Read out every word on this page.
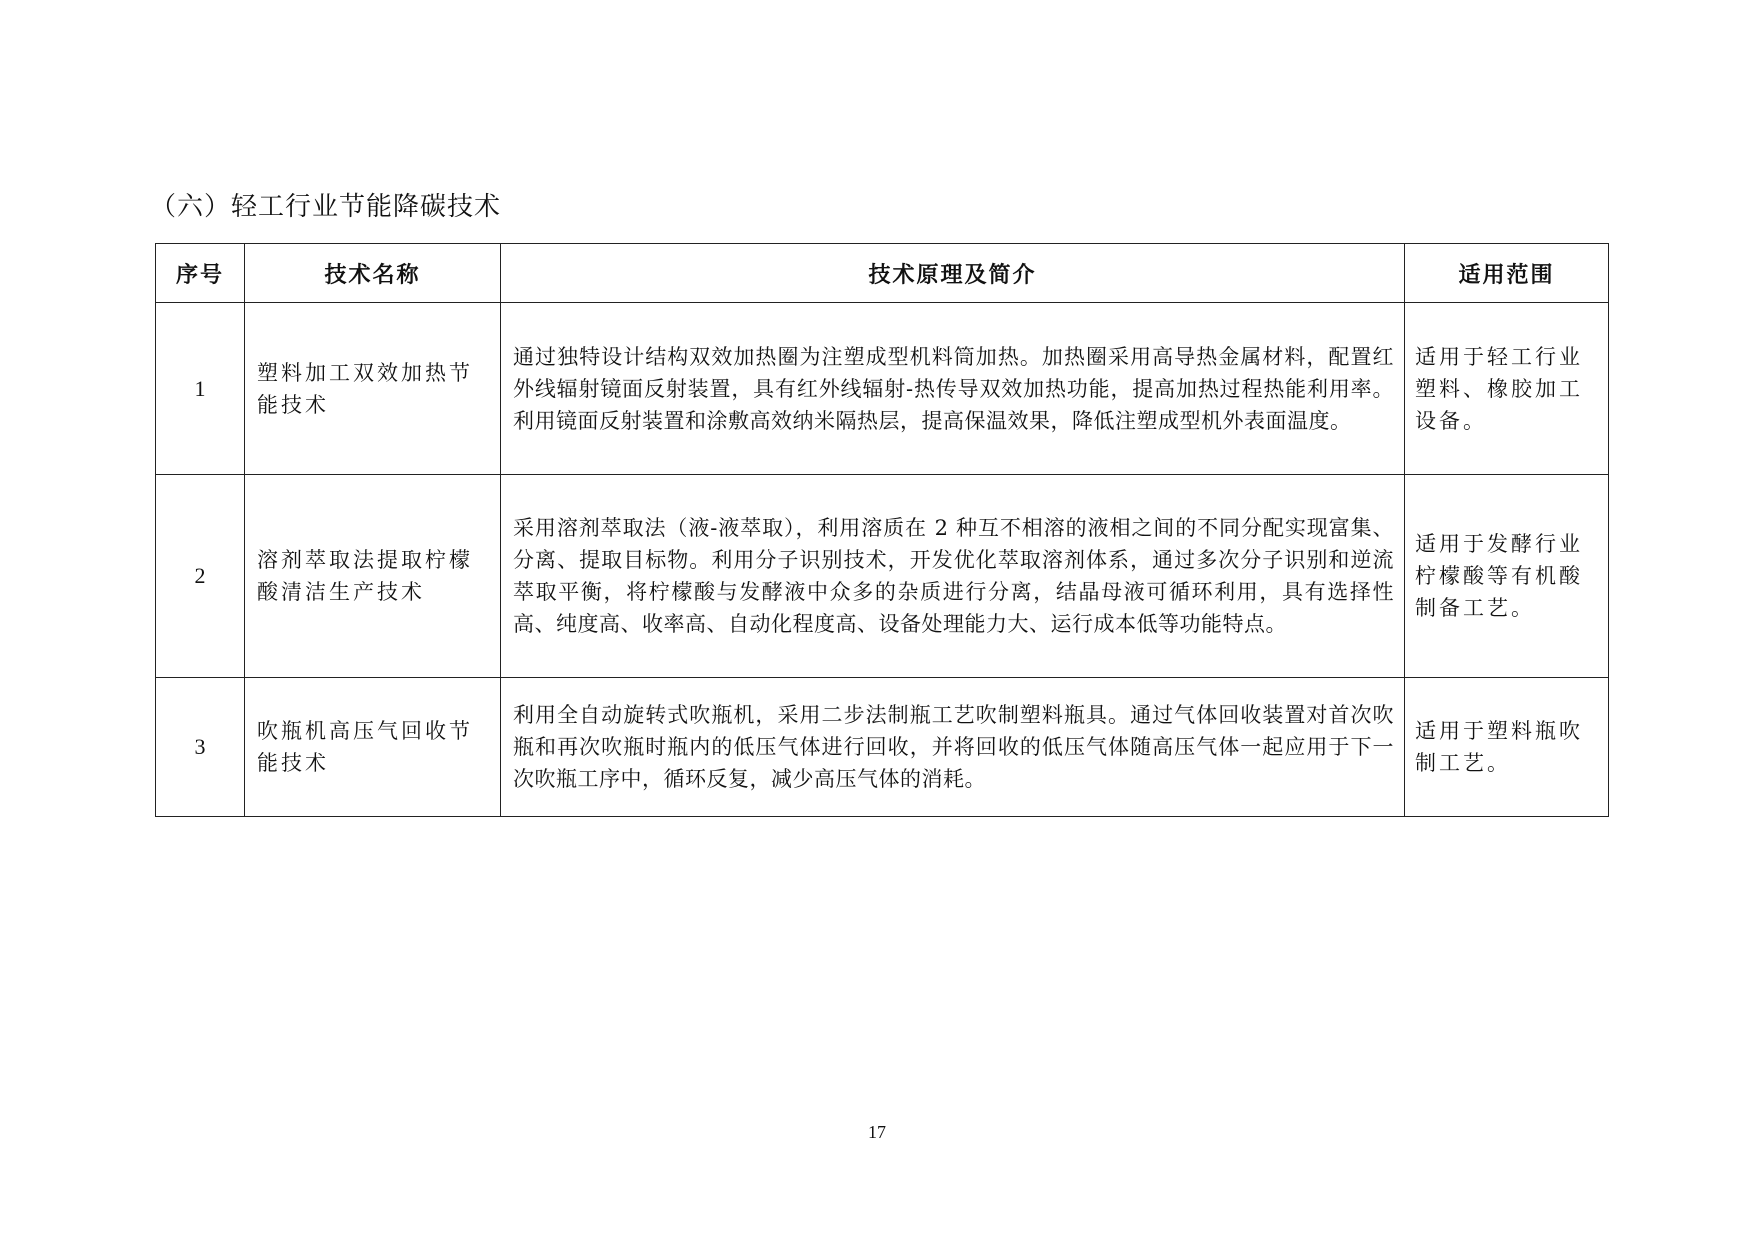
（六）轻工行业节能降碳技术
序号	技术名称	技术原理及简介	适用范围
1	塑料加工双效加热节能技术	通过独特设计结构双效加热圈为注塑成型机料筒加热。加热圈采用高导热金属材料，配置红外线辐射镜面反射装置，具有红外线辐射-热传导双效加热功能，提高加热过程热能利用率。利用镜面反射装置和涂敷高效纳米隔热层，提高保温效果，降低注塑成型机外表面温度。	适用于轻工行业塑料、橡胶加工设备。
2	溶剂萃取法提取柠檬酸清洁生产技术	采用溶剂萃取法（液-液萃取），利用溶质在 2 种互不相溶的液相之间的不同分配实现富集、分离、提取目标物。利用分子识别技术，开发优化萃取溶剂体系，通过多次分子识别和逆流萃取平衡，将柠檬酸与发酵液中众多的杂质进行分离，结晶母液可循环利用，具有选择性高、纯度高、收率高、自动化程度高、设备处理能力大、运行成本低等功能特点。	适用于发酵行业柠檬酸等有机酸制备工艺。
3	吹瓶机高压气回收节能技术	利用全自动旋转式吹瓶机，采用二步法制瓶工艺吹制塑料瓶具。通过气体回收装置对首次吹瓶和再次吹瓶时瓶内的低压气体进行回收，并将回收的低压气体随高压气体一起应用于下一次吹瓶工序中，循环反复，减少高压气体的消耗。	适用于塑料瓶吹制工艺。
17
